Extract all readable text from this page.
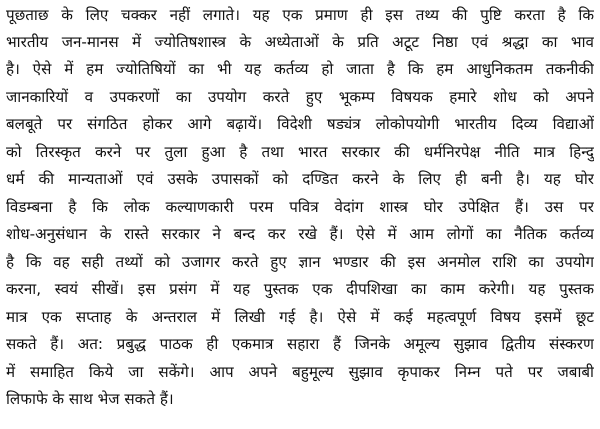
पूछताछ के लिए चक्कर नहीं लगाते। यह एक प्रमाण ही इस तथ्य की पुष्टि करता है कि
भारतीय जन-मानस में ज्योतिषशास्त्र के अध्येताओं के प्रति अटूट निष्ठा एवं श्रद्धा का भाव
है। ऐसे में हम ज्योतिषियों का भी यह कर्तव्य हो जाता है कि हम आधुनिकतम तकनीकी
जानकारियों व उपकरणों का उपयोग करते हुए भूकम्प विषयक हमारे शोध को अपने
बलबूते पर संगठित होकर आगे बढ़ायें। विदेशी षड्यंत्र लोकोपयोगी भारतीय दिव्य विद्याओं
को तिरस्कृत करने पर तुला हुआ है तथा भारत सरकार की धर्मनिरपेक्ष नीति मात्र हिन्दु
धर्म की मान्यताओं एवं उसके उपासकों को दण्डित करने के लिए ही बनी है। यह घोर
विडम्बना है कि लोक कल्याणकारी परम पवित्र वेदांग शास्त्र घोर उपेक्षित हैं। उस पर
शोध-अनुसंधान के रास्ते सरकार ने बन्द कर रखे हैं। ऐसे में आम लोगों का नैतिक कर्तव्य
है कि वह सही तथ्यों को उजागर करते हुए ज्ञान भण्डार की इस अनमोल राशि का उपयोग
करना, स्वयं सीखें। इस प्रसंग में यह पुस्तक एक दीपशिखा का काम करेगी। यह पुस्तक
मात्र एक सप्ताह के अन्तराल में लिखी गई है। ऐसे में कई महत्वपूर्ण विषय इसमें छूट
सकते हैं। अत: प्रबुद्ध पाठक ही एकमात्र सहारा हैं जिनके अमूल्य सुझाव द्वितीय संस्करण
में समाहित किये जा सकेंगे। आप अपने बहुमूल्य सुझाव कृपाकर निम्न पते पर जबाबी
लिफाफे के साथ भेज सकते हैं।
